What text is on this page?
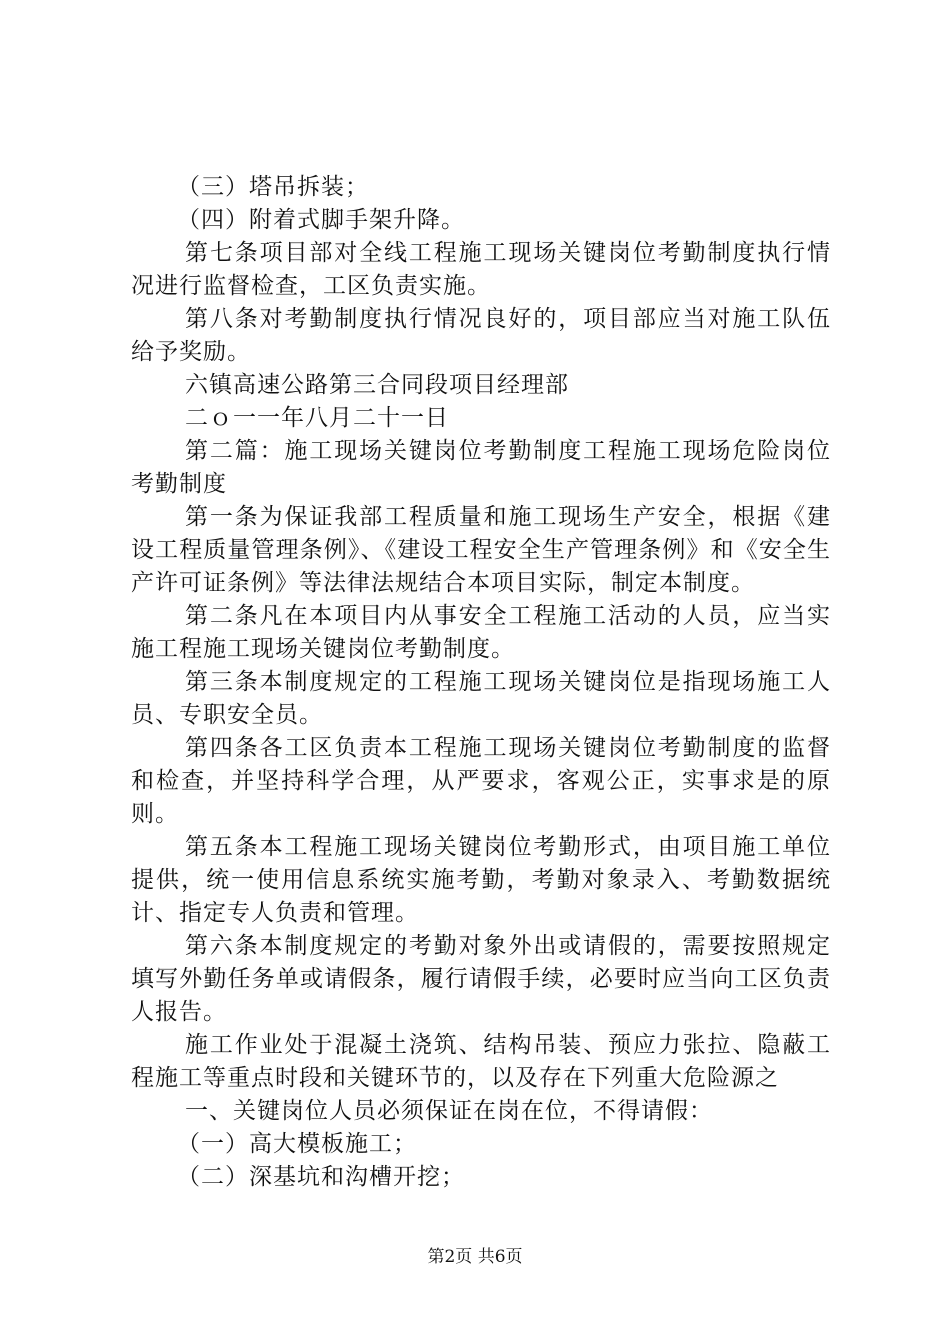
（三）塔吊拆装；

（四）附着式脚手架升降。

第七条项目部对全线工程施工现场关键岗位考勤制度执行情况进行监督检查，工区负责实施。

第八条对考勤制度执行情况良好的，项目部应当对施工队伍给予奖励。

六镇高速公路第三合同段项目经理部

二ｏ一一年八月二十一日

第二篇：施工现场关键岗位考勤制度工程施工现场危险岗位考勤制度

第一条为保证我部工程质量和施工现场生产安全，根据《建设工程质量管理条例》、《建设工程安全生产管理条例》和《安全生产许可证条例》等法律法规结合本项目实际，制定本制度。

第二条凡在本项目内从事安全工程施工活动的人员，应当实施工程施工现场关键岗位考勤制度。

第三条本制度规定的工程施工现场关键岗位是指现场施工人员、专职安全员。

第四条各工区负责本工程施工现场关键岗位考勤制度的监督和检查，并坚持科学合理，从严要求，客观公正，实事求是的原则。

第五条本工程施工现场关键岗位考勤形式，由项目施工单位提供，统一使用信息系统实施考勤，考勤对象录入、考勤数据统计、指定专人负责和管理。

第六条本制度规定的考勤对象外出或请假的，需要按照规定填写外勤任务单或请假条，履行请假手续，必要时应当向工区负责人报告。

施工作业处于混凝土浇筑、结构吊装、预应力张拉、隐蔽工程施工等重点时段和关键环节的，以及存在下列重大危险源之

一、关键岗位人员必须保证在岗在位，不得请假：

（一）高大模板施工；

（二）深基坑和沟槽开挖；

第2页 共6页
